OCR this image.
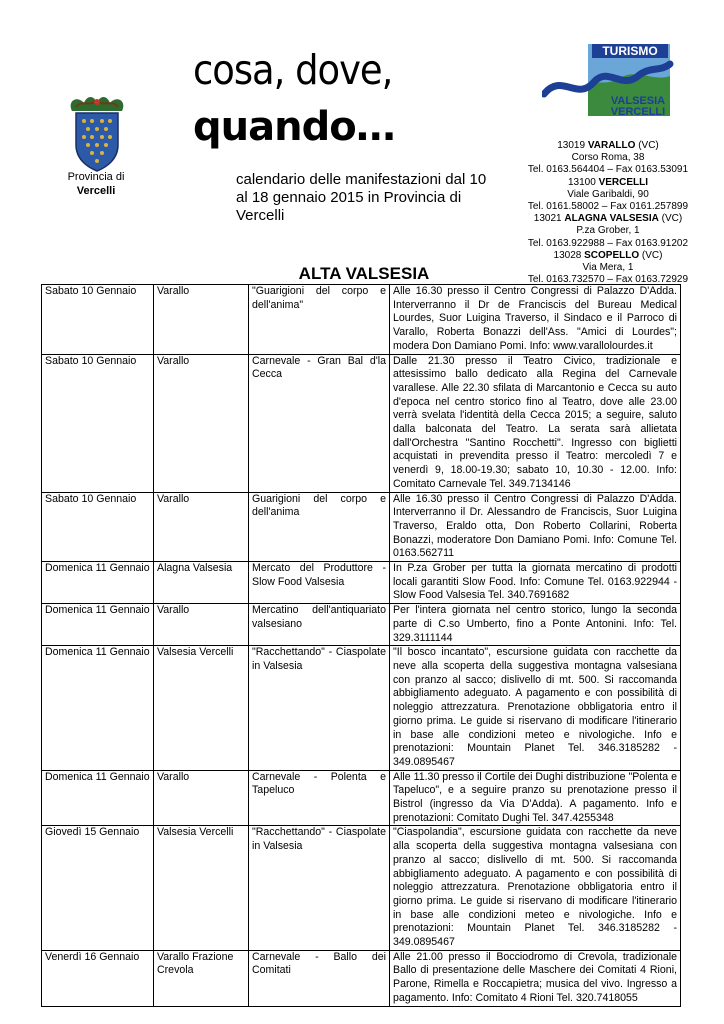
Provincia di
Vercelli
cosa, dove,
quando…
calendario delle manifestazioni dal 10 al 18 gennaio 2015 in Provincia di Vercelli
TURISMO
VALSESIA
VERCELLI
13019 VARALLO (VC)
Corso Roma, 38
Tel. 0163.564404 – Fax 0163.53091
13100 VERCELLI
Viale Garibaldi, 90
Tel. 0161.58002 – Fax 0161.257899
13021 ALAGNA VALSESIA (VC)
P.za Grober, 1
Tel. 0163.922988 – Fax 0163.91202
13028 SCOPELLO (VC)
Via Mera, 1
Tel. 0163.732570 – Fax 0163.72929
ALTA VALSESIA
Sabato 10 Gennaio	Varallo	"Guarigioni del corpo e dell'anima"	Alle 16.30 presso il Centro Congressi di Palazzo D'Adda. Interverranno il Dr de Franciscis del Bureau Medical Lourdes, Suor Luigina Traverso, il Sindaco e il Parroco di Varallo, Roberta Bonazzi dell'Ass. "Amici di Lourdes"; modera Don Damiano Pomi. Info: www.varallolourdes.it
Sabato 10 Gennaio	Varallo	Carnevale - Gran Bal d'la Cecca	Dalle 21.30 presso il Teatro Civico, tradizionale e attesissimo ballo dedicato alla Regina del Carnevale varallese. Alle 22.30 sfilata di Marcantonio e Cecca su auto d'epoca nel centro storico fino al Teatro, dove alle 23.00 verrà svelata l'identità della Cecca 2015; a seguire, saluto dalla balconata del Teatro. La serata sarà allietata dall'Orchestra "Santino Rocchetti". Ingresso con biglietti acquistati in prevendita presso il Teatro: mercoledì 7 e venerdì 9, 18.00-19.30; sabato 10, 10.30 - 12.00. Info: Comitato Carnevale Tel. 349.7134146
Sabato 10 Gennaio	Varallo	Guarigioni del corpo e dell'anima	Alle 16.30 presso il Centro Congressi di Palazzo D'Adda. Interverranno il Dr. Alessandro de Franciscis, Suor Luigina Traverso, Eraldo otta, Don Roberto Collarini, Roberta Bonazzi, moderatore Don Damiano Pomi. Info: Comune Tel. 0163.562711
Domenica 11 Gennaio	Alagna Valsesia	Mercato del Produttore - Slow Food Valsesia	In P.za Grober per tutta la giornata mercatino di prodotti locali garantiti Slow Food. Info: Comune Tel. 0163.922944 - Slow Food Valsesia Tel. 340.7691682
Domenica 11 Gennaio	Varallo	Mercatino dell'antiquariato valsesiano	Per l'intera giornata nel centro storico, lungo la seconda parte di C.so Umberto, fino a Ponte Antonini. Info: Tel. 329.3111144
Domenica 11 Gennaio	Valsesia Vercelli	"Racchettando" - Ciaspolate in Valsesia	"Il bosco incantato", escursione guidata con racchette da neve alla scoperta della suggestiva montagna valsesiana con pranzo al sacco; dislivello di mt. 500. Si raccomanda abbigliamento adeguato. A pagamento e con possibilità di noleggio attrezzatura. Prenotazione obbligatoria entro il giorno prima. Le guide si riservano di modificare l'itinerario in base alle condizioni meteo e nivologiche. Info e prenotazioni: Mountain Planet Tel. 346.3185282 - 349.0895467
Domenica 11 Gennaio	Varallo	Carnevale - Polenta e Tapeluco	Alle 11.30 presso il Cortile dei Dughi distribuzione "Polenta e Tapeluco", e a seguire pranzo su prenotazione presso il Bistrol (ingresso da Via D'Adda). A pagamento. Info e prenotazioni: Comitato Dughi Tel. 347.4255348
Giovedì 15 Gennaio	Valsesia Vercelli	"Racchettando" - Ciaspolate in Valsesia	"Ciaspolandia", escursione guidata con racchette da neve alla scoperta della suggestiva montagna valsesiana con pranzo al sacco; dislivello di mt. 500. Si raccomanda abbigliamento adeguato. A pagamento e con possibilità di noleggio attrezzatura. Prenotazione obbligatoria entro il giorno prima. Le guide si riservano di modificare l'itinerario in base alle condizioni meteo e nivologiche. Info e prenotazioni: Mountain Planet Tel. 346.3185282 - 349.0895467
Venerdì 16 Gennaio	Varallo Frazione Crevola	Carnevale - Ballo dei Comitati	Alle 21.00 presso il Bocciodromo di Crevola, tradizionale Ballo di presentazione delle Maschere dei Comitati 4 Rioni, Parone, Rimella e Roccapietra; musica del vivo. Ingresso a pagamento. Info: Comitato 4 Rioni Tel. 320.7418055
